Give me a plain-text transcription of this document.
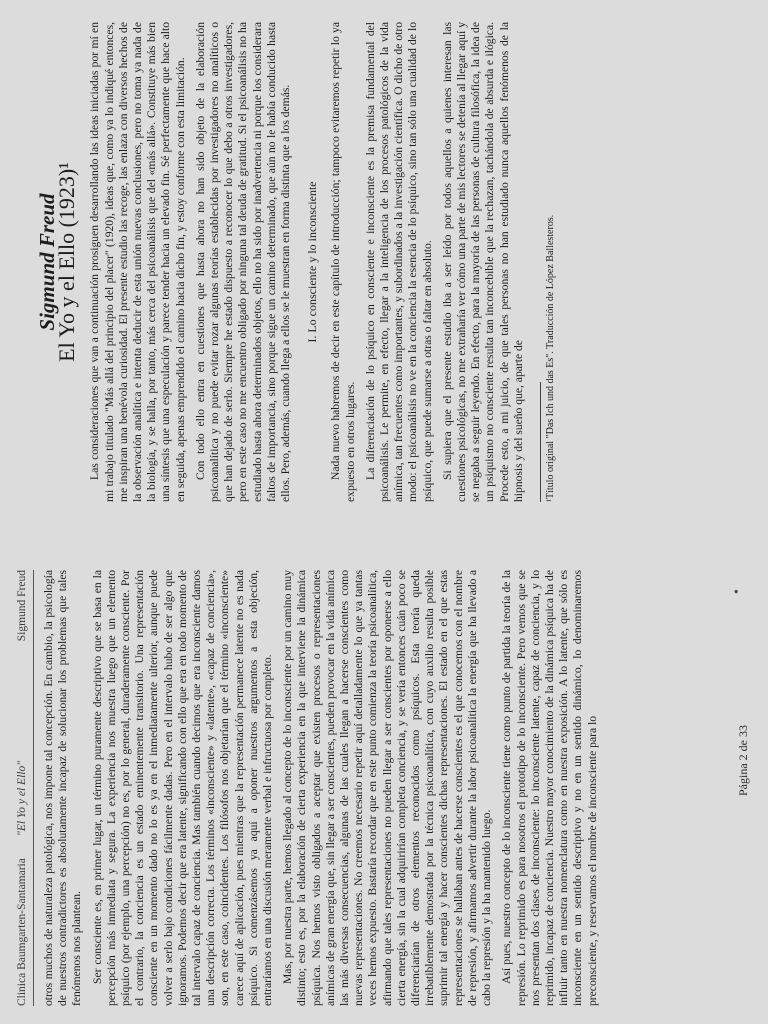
Clinica Baumgarten-Santamaria
"El Yo y el Ello"
Sigmund Freud otros muchos de naturaleza patológica, nos impone tal concepción. En cambio, la psicología de nuestros contradictores es absolutamente incapaz de solucionar los problemas que tales fenómenos nos plantean. Ser consciente es, en primer lugar, un término puramente descriptivo que se basa en la percepción más inmediata y segura. La experiencia nos muestra luego que un elemento psíquico (por ejemplo, una percepción) no es, por lo general, duraderamente consciente. Por el contrario, la conciencia es un estado eminentemente transitorio. Una representación consciente en un momento dado no lo es ya en el inmediatamente ulterior, aunque puede volver a serlo bajo condiciones fácilmente dadas. Pero en el intervalo hubo de ser algo que ignoramos. Podemos decir que era latente, significando con ello que era en todo momento de tal intervalo capaz de conciencia. Mas también cuando decimos que era inconsciente damos una descripción correcta. Los términos «inconsciente» y «latente», «capaz de conciencia», son, en este caso, coincidentes. Los filósofos nos objetarían que el término «inconsciente» carece aquí de aplicación, pues mientras que la representación permanece latente no es nada psíquico. Si comenzásemos ya aquí a oponer nuestros argumentos a esta objeción, entraríamos en una discusión meramente verbal e infructuosa por completo. Mas, por nuestra parte, hemos llegado al concepto de lo inconsciente por un camino muy distinto; esto es, por la elaboración de cierta experiencia en la que interviene la dinámica psíquica. Nos hemos visto obligados a aceptar que existen procesos o representaciones anímicas de gran energía que, sin llegar a ser conscientes, pueden provocar en la vida anímica las más diversas consecuencias, algunas de las cuales llegan a hacerse conscientes como nuevas representaciones. No creemos necesario repetir aquí detalladamente lo que ya tantas veces hemos expuesto. Bastaría recordar que en este punto comienza la teoría psicoanalítica, afirmando que tales representaciones no pueden llegar a ser conscientes por oponerse a ello cierta energía, sin la cual adquirirían completa conciencia, y se vería entonces cuán poco se diferenciarían de otros elementos reconocidos como psíquicos. Esta teoría queda irrebatiblemente demostrada por la técnica psicoanalítica, con cuyo auxilio resulta posible suprimir tal energía y hacer conscientes dichas representaciones. El estado en el que estas representaciones se hallaban antes de hacerse conscientes es el que conocemos con el nombre de represión, y afirmamos advertir durante la labor psicoanalítica la energía que ha llevado a cabo la represión y la ha mantenido luego. Así pues, nuestro concepto de lo inconsciente tiene como punto de partida la teoría de la represión. Lo reprimido es para nosotros el prototipo de lo inconsciente. Pero vemos que se nos presentan dos clases de inconsciente: lo inconsciente latente, capaz de conciencia, y lo reprimido, incapaz de conciencia. Nuestro mayor conocimiento de la dinámica psíquica ha de influir tanto en nuestra nomenclatura como en nuestra exposición. A lo latente, que sólo es inconsciente en un sentido descriptivo y no en un sentido dinámico, lo denominaremos preconsciente, y reservamos el nombre de inconsciente para lo	Página 2 de 33
•
Sigmund Freud
El Yo y el Ello (1923)¹ Las consideraciones que van a continuación prosiguen desarrollando las ideas iniciadas por mí en mi trabajo titulado "Más allá del principio del placer" (1920), ideas que, como ya lo indiqué entonces, me inspiran una benévola curiosidad. El presente estudio las recoge, las enlaza con diversos hechos de la observación analítica e intenta deducir de esta unión nuevas conclusiones, pero no toma ya nada de la biología, y se halla, por tanto, más cerca del psicoanálisis que del «más allá». Constituye más bien una síntesis que una especulación y parece tender hacia un elevado fin. Sé perfectamente que hace alto en seguida, apenas emprendido el camino hacia dicho fin, y estoy conforme con esta limitación. Con todo ello entra en cuestiones que hasta ahora no han sido objeto de la elaboración psicoanalítica y no puede evitar rozar algunas teorías establecidas por investigadores no analíticos o que han dejado de serlo. Siempre he estado dispuesto a reconocer lo que debo a otros investigadores, pero en este caso no me encuentro obligado por ninguna tal deuda de gratitud. Si el psicoanálisis no ha estudiado hasta ahora determinados objetos, ello no ha sido por inadvertencia ni porque los considerara faltos de importancia, sino porque sigue un camino determinado, que aún no le había conducido hasta ellos. Pero, además, cuando llega a ellos se le muestran en forma distinta que a los demás. I. Lo consciente y lo inconsciente Nada nuevo habremos de decir en este capítulo de introducción; tampoco evitaremos repetir lo ya expuesto en otros lugares. La diferenciación de lo psíquico en consciente e inconsciente es la premisa fundamental del psicoanálisis. Le permite, en efecto, llegar a la inteligencia de los procesos patológicos de la vida anímica, tan frecuentes como importantes, y subordinados a la investigación científica. O dicho de otro modo: el psicoanálisis no ve en la conciencia la esencia de lo psíquico, sino tan sólo una cualidad de lo psíquico, que puede sumarse a otras o faltar en absoluto. Si supiera que el presente estudio iba a ser leído por todos aquellos a quienes interesan las cuestiones psicológicas, no me extrañaría ver cómo una parte de mis lectores se detenía al llegar aquí y se negaba a seguir leyendo. En efecto, para la mayoría de las personas de cultura filosófica, la idea de un psiquismo no consciente resulta tan inconcebible que la rechazan, tachándola de absurda e ilógica. Procede esto, a mi juicio, de que tales personas no han estudiado nunca aquellos fenómenos de la hipnosis y del sueño que, aparte de ¹Título original "Das Ich und das Es". Traducción de López Ballesteros.
